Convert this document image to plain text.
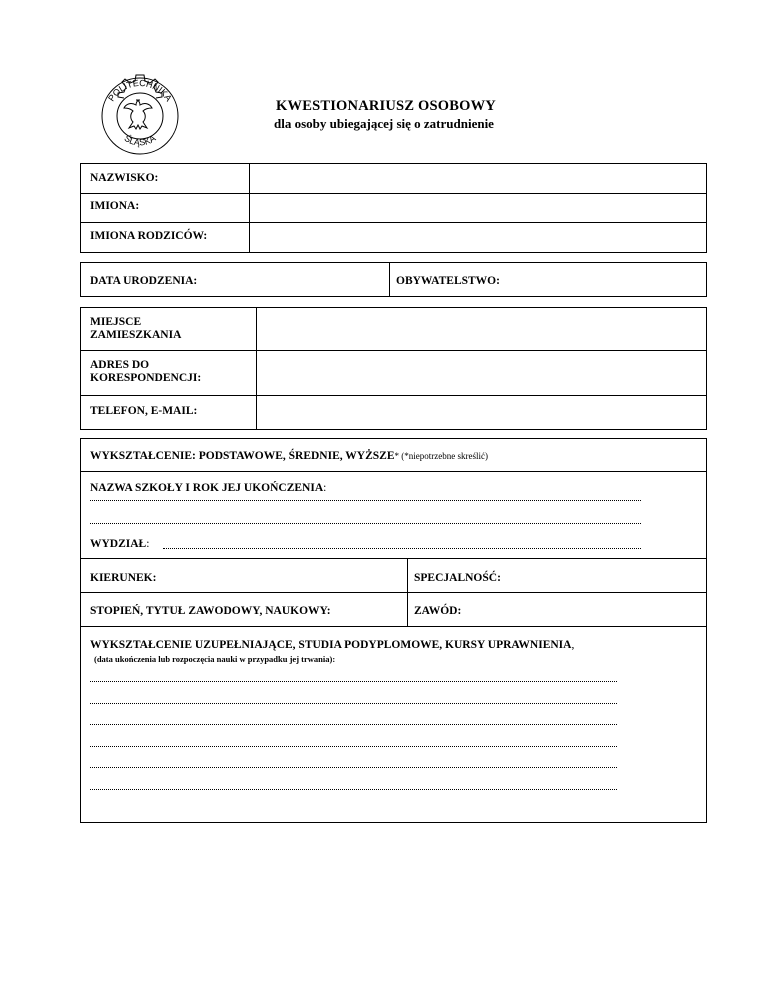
POLITECHNIKA
ŚLĄSKA
KWESTIONARIUSZ OSOBOWY
dla osoby ubiegającej się o zatrudnienie
NAZWISKO:
IMIONA:
IMIONA RODZICÓW:
DATA URODZENIA:	OBYWATELSTWO:
MIEJSCE
ZAMIESZKANIA
ADRES DO
KORESPONDENCJI:
TELEFON, E-MAIL:
WYKSZTAŁCENIE: PODSTAWOWE, ŚREDNIE, WYŻSZE* (*niepotrzebne skreślić)
NAZWA SZKOŁY I ROK JEJ UKOŃCZENIA:
WYDZIAŁ:
KIERUNEK:	SPECJALNOŚĆ:
STOPIEŃ, TYTUŁ ZAWODOWY, NAUKOWY:	ZAWÓD:
WYKSZTAŁCENIE UZUPEŁNIAJĄCE, STUDIA PODYPLOMOWE, KURSY UPRAWNIENIA,
(data ukończenia lub rozpoczęcia nauki w przypadku jej trwania):
